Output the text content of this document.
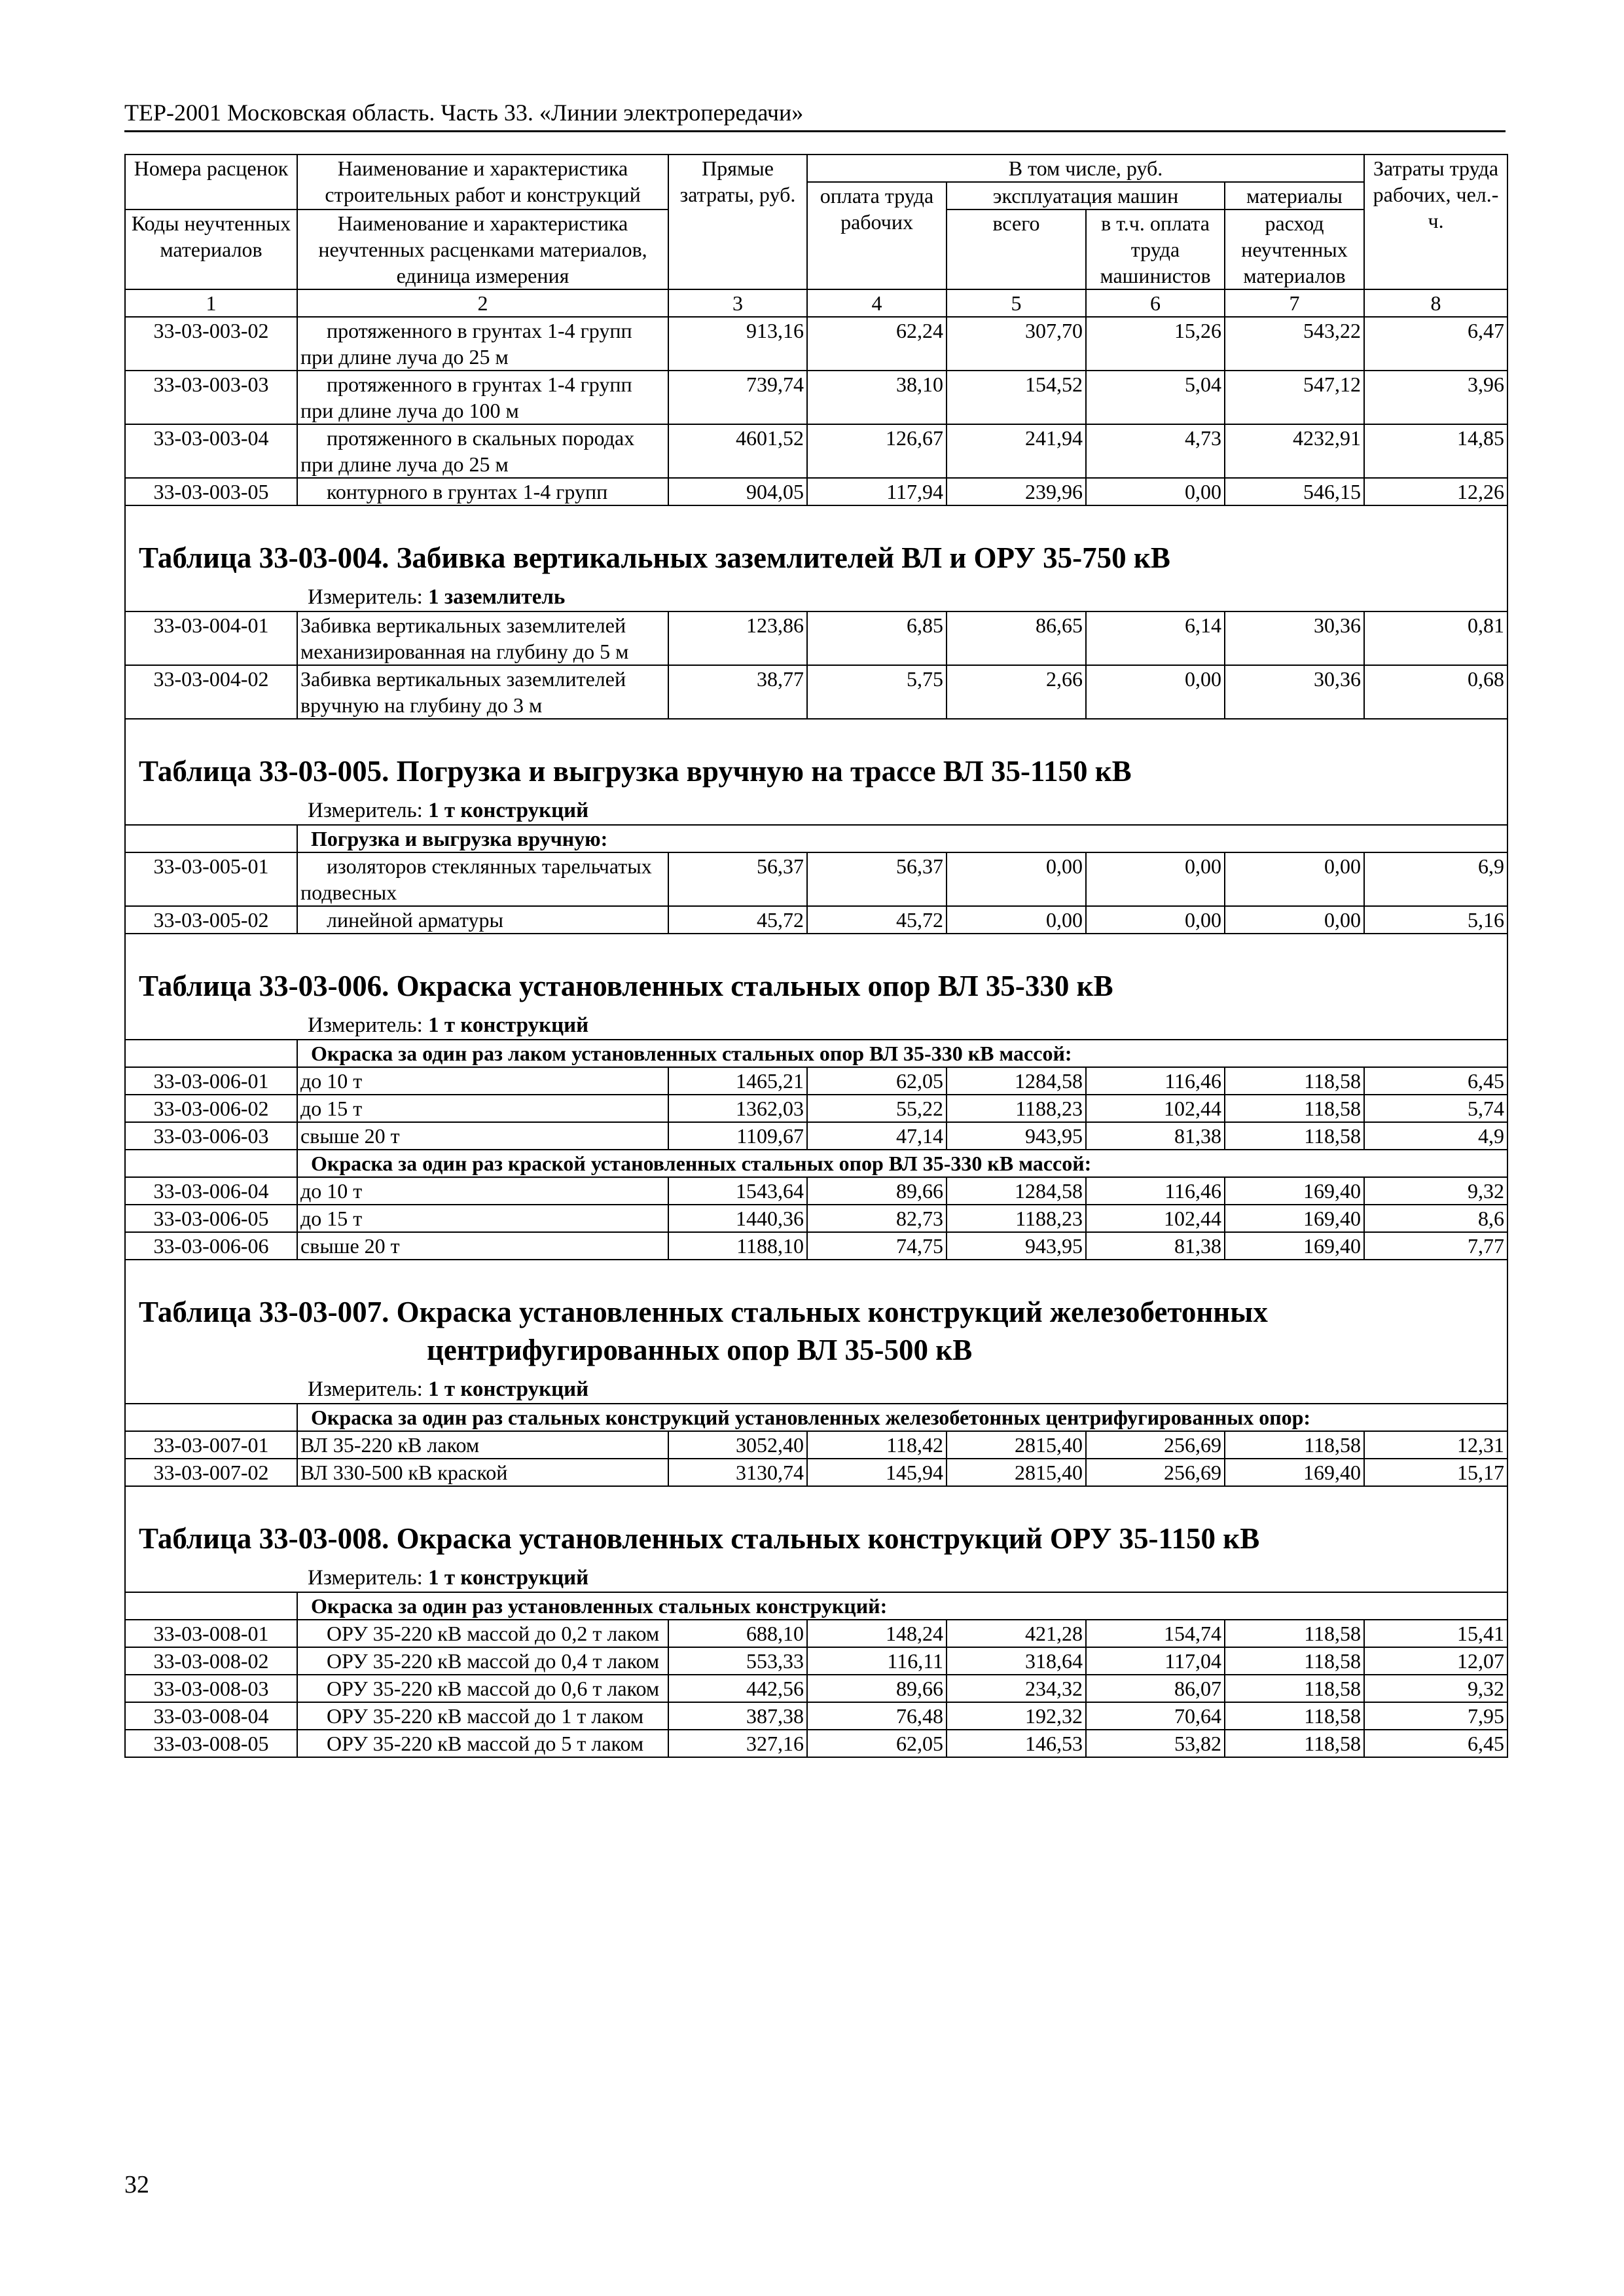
ТЕР-2001 Московская область. Часть 33. «Линии электропередачи»
Номера расценок	Наименование и характеристика строительных работ и конструкций	Прямые затраты, руб.	В том числе, руб.				Затраты труда рабочих, чел.-ч.
			оплата труда рабочих	эксплуатация машин		материалы	
Коды неучтенных материалов	Наименование и характеристика неучтенных расценками материалов, единица измерения			всего	в т.ч. оплата труда машинистов	расход неучтенных материалов	

1	2	3	4	5	6	7	8
33-03-003-02	протяженного в грунтах 1-4 групп при длине луча до 25 м	913,16	62,24	307,70	15,26	543,22	6,47
33-03-003-03	протяженного в грунтах 1-4 групп при длине луча до 100 м	739,74	38,10	154,52	5,04	547,12	3,96
33-03-003-04	протяженного в скальных породах при длине луча до 25 м	4601,52	126,67	241,94	4,73	4232,91	14,85
33-03-003-05	контурного в грунтах 1-4 групп	904,05	117,94	239,96	0,00	546,15	12,26

Таблица 33-03-004. Забивка вертикальных заземлителей ВЛ и ОРУ 35-750 кВ							
Измеритель: 1 заземлитель							
33-03-004-01	Забивка вертикальных заземлителей механизированная на глубину до 5 м	123,86	6,85	86,65	6,14	30,36	0,81
33-03-004-02	Забивка вертикальных заземлителей вручную на глубину до 3 м	38,77	5,75	2,66	0,00	30,36	0,68

Таблица 33-03-005. Погрузка и выгрузка вручную на трассе ВЛ 35-1150 кВ							
Измеритель: 1 т конструкций							
	Погрузка и выгрузка вручную:						
33-03-005-01	изоляторов стеклянных тарельчатых подвесных	56,37	56,37	0,00	0,00	0,00	6,9
33-03-005-02	линейной арматуры	45,72	45,72	0,00	0,00	0,00	5,16

Таблица 33-03-006. Окраска установленных стальных опор ВЛ 35-330 кВ							
Измеритель: 1 т конструкций							
	Окраска за один раз лаком установленных стальных опор ВЛ 35-330 кВ массой:						
33-03-006-01	до 10 т	1465,21	62,05	1284,58	116,46	118,58	6,45
33-03-006-02	до 15 т	1362,03	55,22	1188,23	102,44	118,58	5,74
33-03-006-03	свыше 20 т	1109,67	47,14	943,95	81,38	118,58	4,9
	Окраска за один раз краской установленных стальных опор ВЛ 35-330 кВ массой:						
33-03-006-04	до 10 т	1543,64	89,66	1284,58	116,46	169,40	9,32
33-03-006-05	до 15 т	1440,36	82,73	1188,23	102,44	169,40	8,6
33-03-006-06	свыше 20 т	1188,10	74,75	943,95	81,38	169,40	7,77

Таблица 33-03-007. Окраска установленных стальных конструкций железобетонных
центрифугированных опор ВЛ 35-500 кВ							

Измеритель: 1 т конструкций							
	Окраска за один раз стальных конструкций установленных железобетонных центрифугированных опор:						
33-03-007-01	ВЛ 35-220 кВ лаком	3052,40	118,42	2815,40	256,69	118,58	12,31
33-03-007-02	ВЛ 330-500 кВ краской	3130,74	145,94	2815,40	256,69	169,40	15,17

Таблица 33-03-008. Окраска установленных стальных конструкций ОРУ 35-1150 кВ							
Измеритель: 1 т конструкций							
	Окраска за один раз установленных стальных конструкций:						
33-03-008-01	ОРУ 35-220 кВ массой до 0,2 т лаком	688,10	148,24	421,28	154,74	118,58	15,41
33-03-008-02	ОРУ 35-220 кВ массой до 0,4 т лаком	553,33	116,11	318,64	117,04	118,58	12,07
33-03-008-03	ОРУ 35-220 кВ массой до 0,6 т лаком	442,56	89,66	234,32	86,07	118,58	9,32
33-03-008-04	ОРУ 35-220 кВ массой до 1 т лаком	387,38	76,48	192,32	70,64	118,58	7,95
33-03-008-05	ОРУ 35-220 кВ массой до 5 т лаком	327,16	62,05	146,53	53,82	118,58	6,45
32
